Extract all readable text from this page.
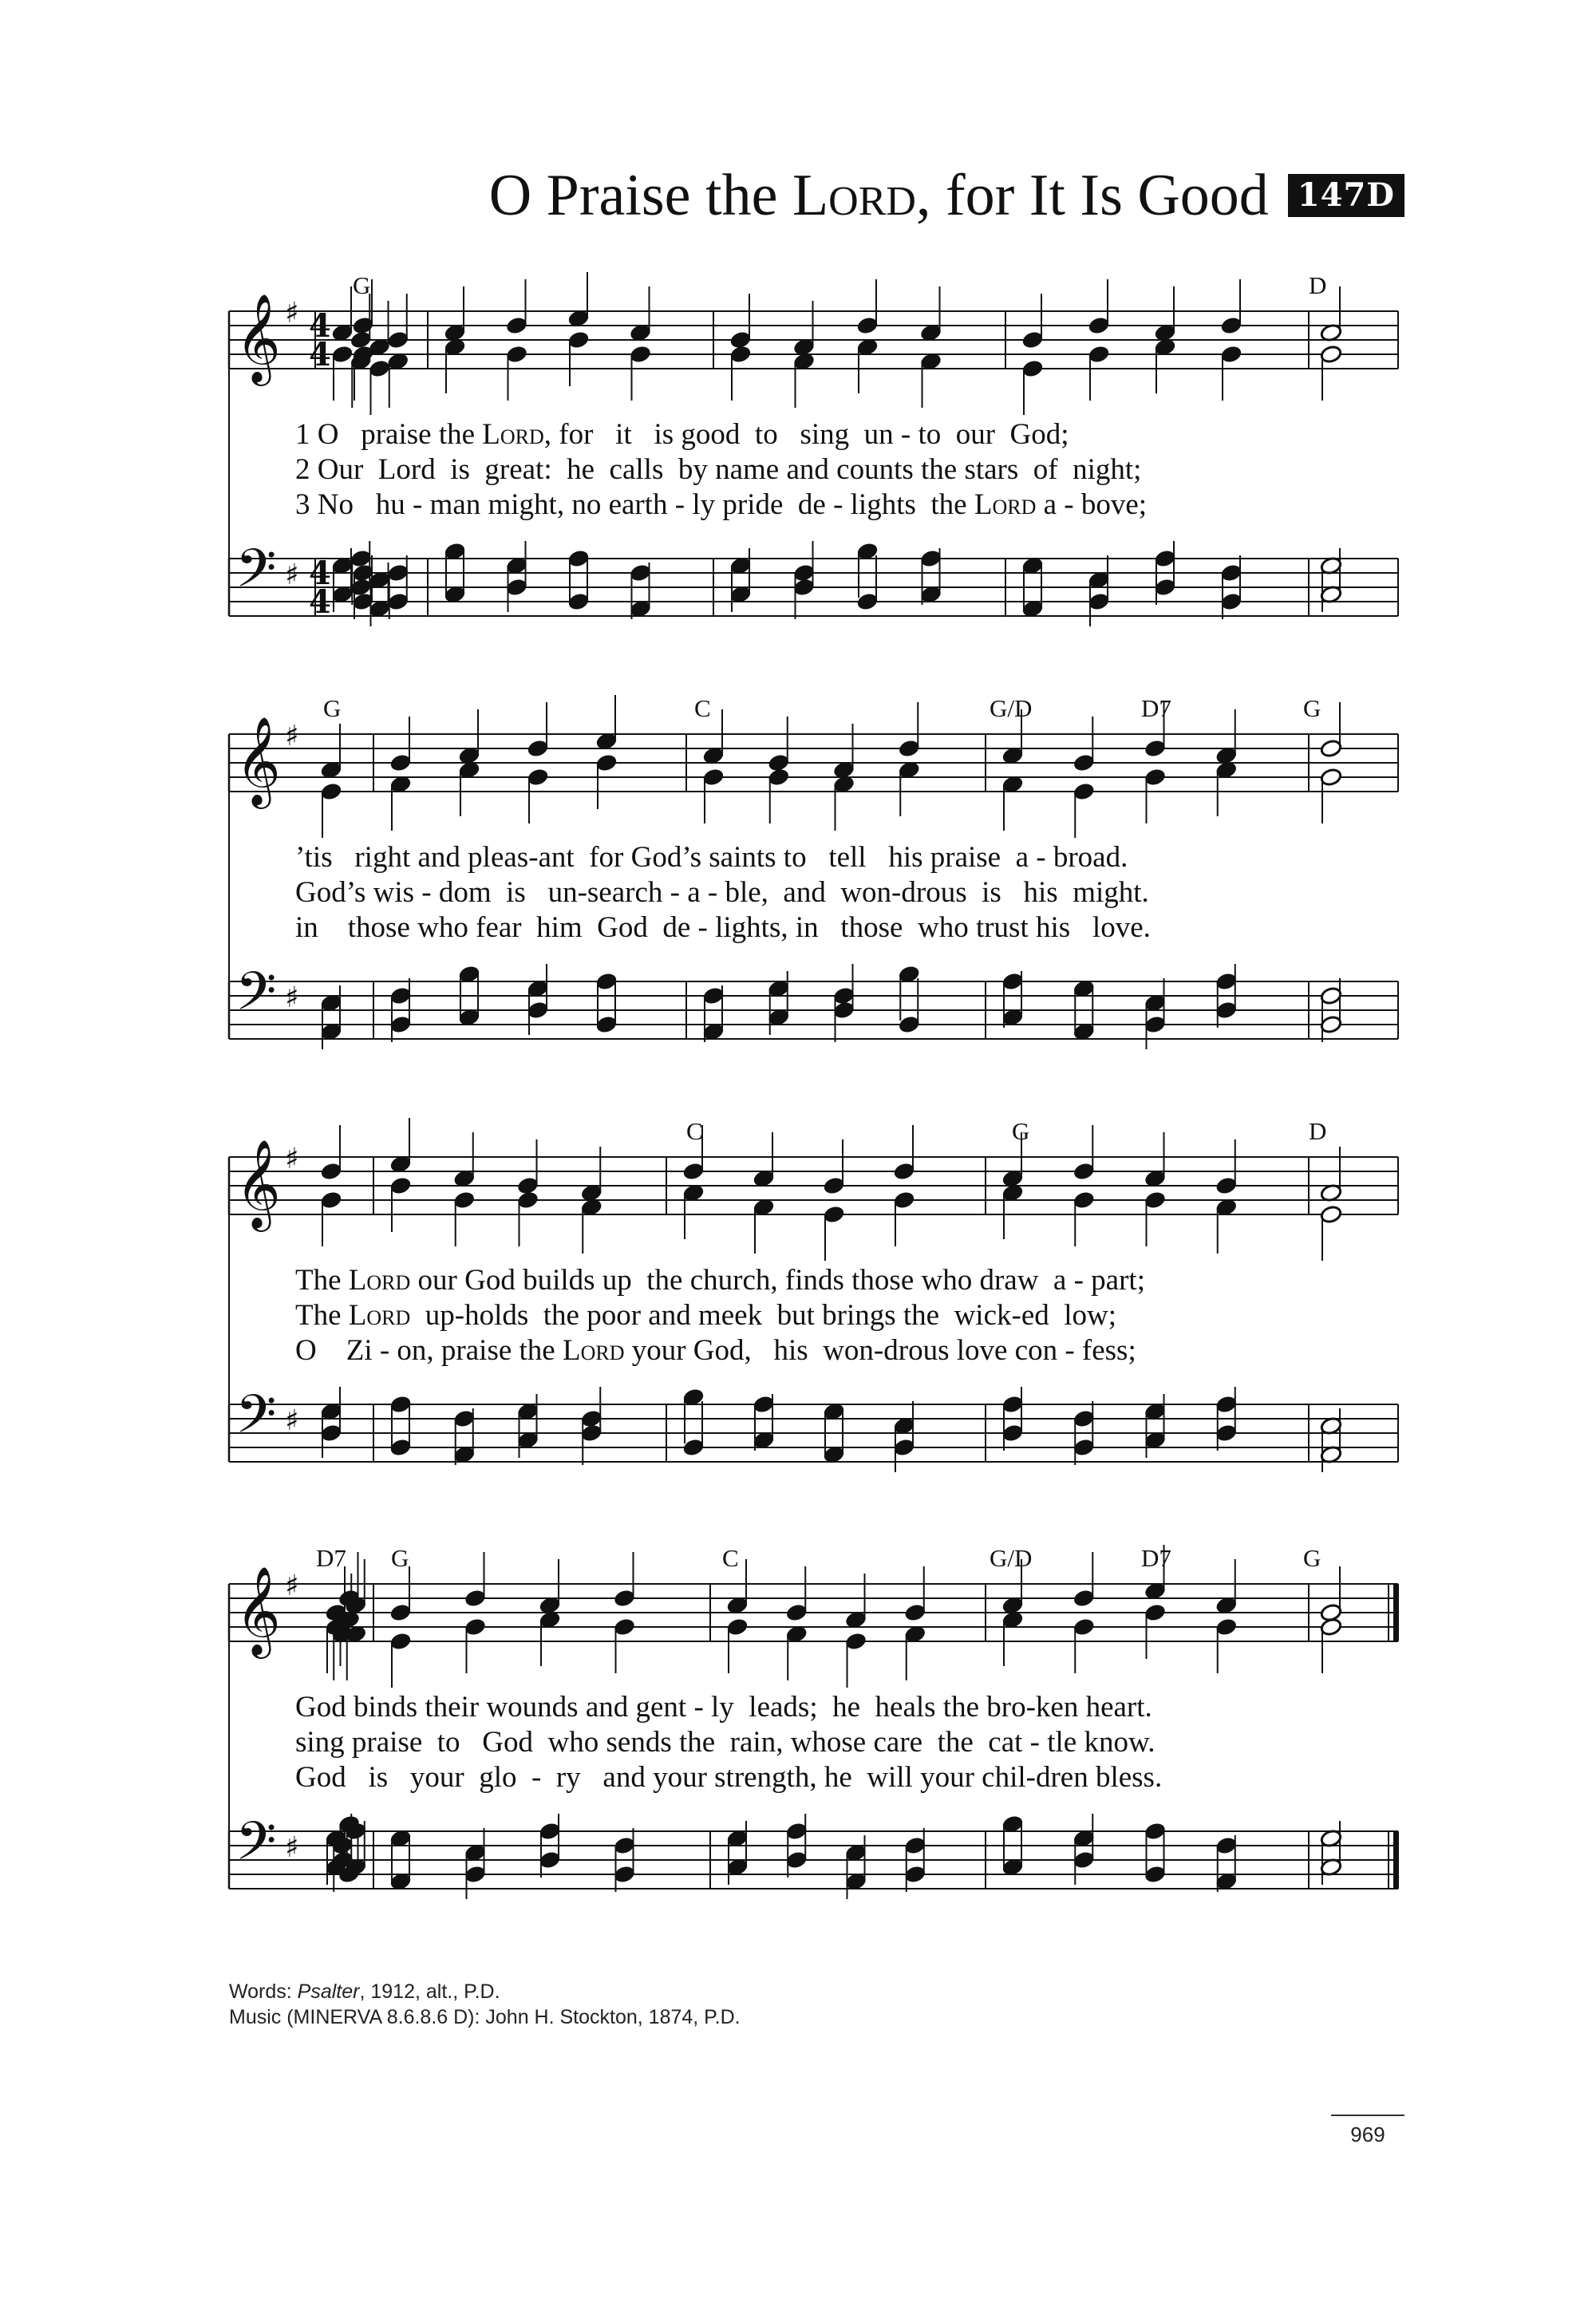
O Praise the Lord, for It Is Good 147D
𝄞 ♯ 4
4
𝄢 ♯ 4
4
G	D
1 O   praise the Lord, for   it   is good  to   sing  un - to  our  God;
2 Our  Lord  is  great:  he  calls  by name and counts the stars  of  night;
3 No   hu - man might, no earth - ly pride  de - lights  the Lord a - bove;
𝄞 ♯
𝄢 ♯
G	C	G/D	D7	G
’tis   right and pleas-ant  for God’s saints to   tell   his praise  a - broad.
God’s wis - dom  is   un-search - a - ble,  and  won-drous  is   his  might.
in    those who fear  him  God  de - lights, in   those  who trust his   love.
𝄞 ♯
𝄢 ♯
C	G	D
The Lord our God builds up  the church, finds those who draw  a - part;
The Lord  up-holds  the poor and meek  but brings the  wick-ed  low;
O    Zi - on, praise the Lord your God,   his  won-drous love con - fess;
𝄞 ♯
𝄢 ♯
D7 G	C	G/D	D7	G
God binds their wounds and gent - ly  leads;  he  heals the bro-ken heart.
sing praise  to   God  who sends the  rain, whose care  the  cat - tle know.
God   is   your  glo  -  ry   and your strength, he  will your chil-dren bless.
Words: Psalter, 1912, alt., P.D.
Music (MINERVA 8.6.8.6 D): John H. Stockton, 1874, P.D.
969
